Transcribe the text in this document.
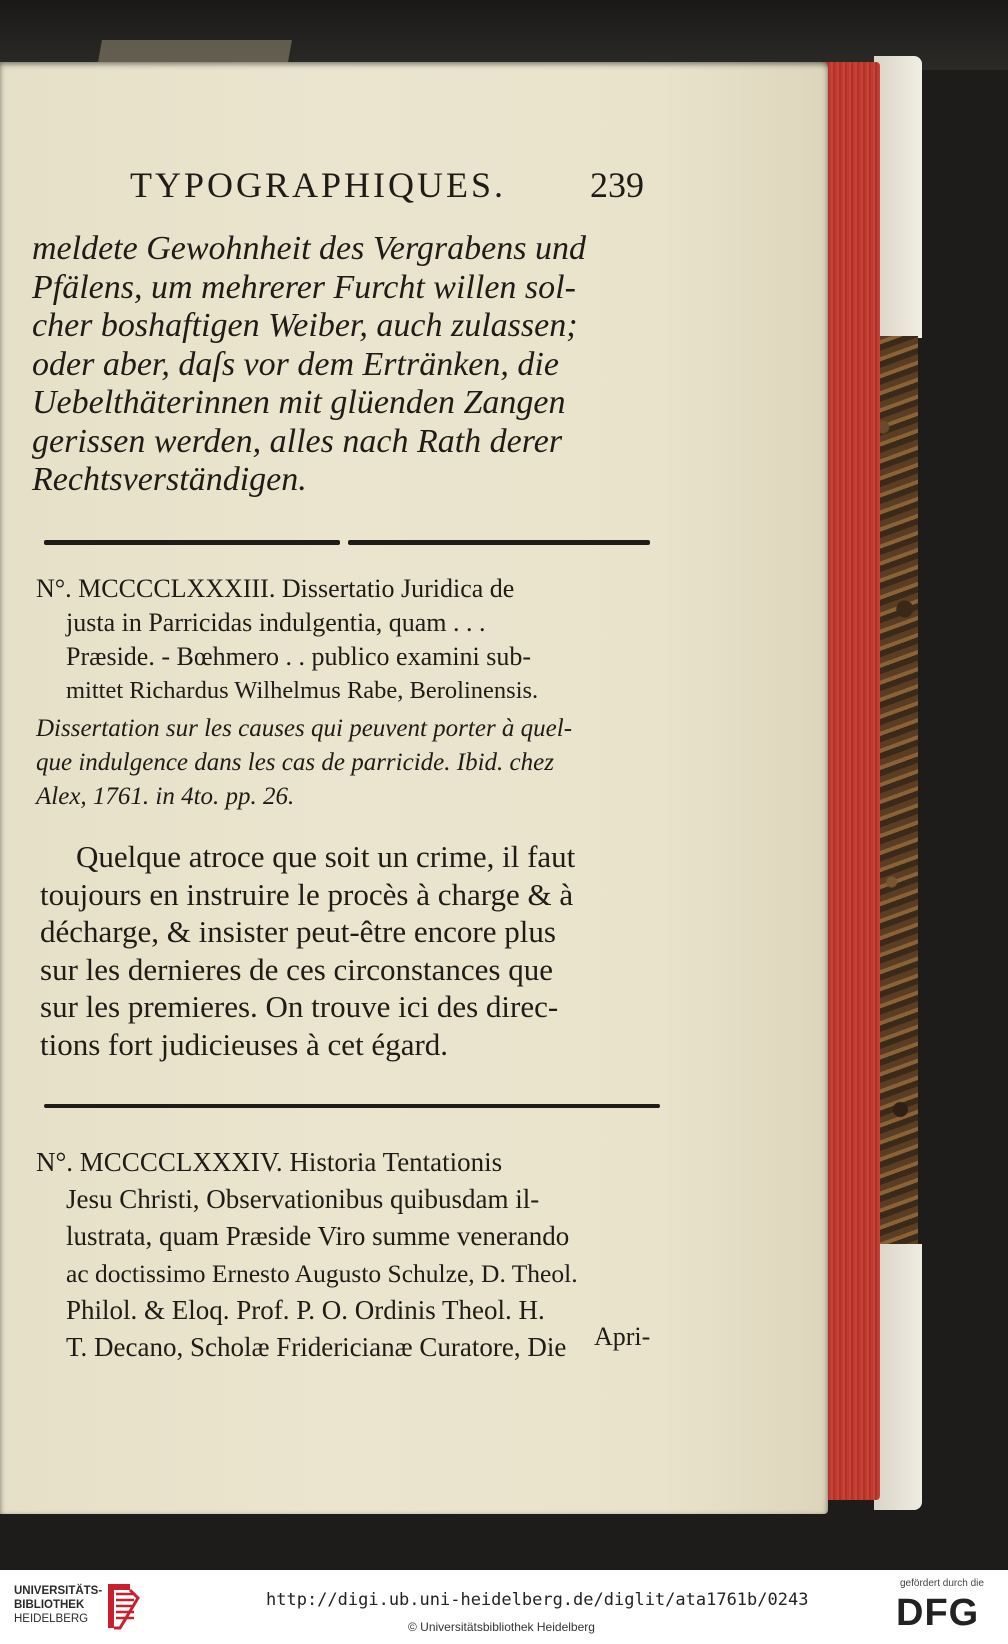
TYPOGRAPHIQUES. 239
meldete Gewohnheit des Vergrabens und
Pfälens, um mehrerer Furcht willen sol-
cher boshaftigen Weiber, auch zulassen;
oder aber, daſs vor dem Ertränken, die
Uebelthäterinnen mit glüenden Zangen
gerissen werden, alles nach Rath derer
Rechtsverständigen.
N°. MCCCCLXXXIII. Dissertatio Juridica de
justa in Parricidas indulgentia, quam . . .
Præside. - Bœhmero . . publico examini sub-
mittet Richardus Wilhelmus Rabe, Berolinensis.
Dissertation sur les causes qui peuvent porter à quel-
que indulgence dans les cas de parricide. Ibid. chez
Alex, 1761. in 4to. pp. 26.
Quelque atroce que soit un crime, il faut
toujours en instruire le procès à charge & à
décharge, & insister peut-être encore plus
sur les dernieres de ces circonstances que
sur les premieres. On trouve ici des direc-
tions fort judicieuses à cet égard.
N°. MCCCCLXXXIV. Historia Tentationis
Jesu Christi, Observationibus quibusdam il-
lustrata, quam Præside Viro summe venerando
ac doctissimo Ernesto Augusto Schulze, D. Theol.
Philol. & Eloq. Prof. P. O. Ordinis Theol. H.
T. Decano, Scholæ Fridericianæ Curatore, Die	Apri-
UNIVERSITÄTS-
BIBLIOTHEK
HEIDELBERG
http://digi.ub.uni-heidelberg.de/diglit/ata1761b/0243
© Universitätsbibliothek Heidelberg
gefördert durch die
DFG
